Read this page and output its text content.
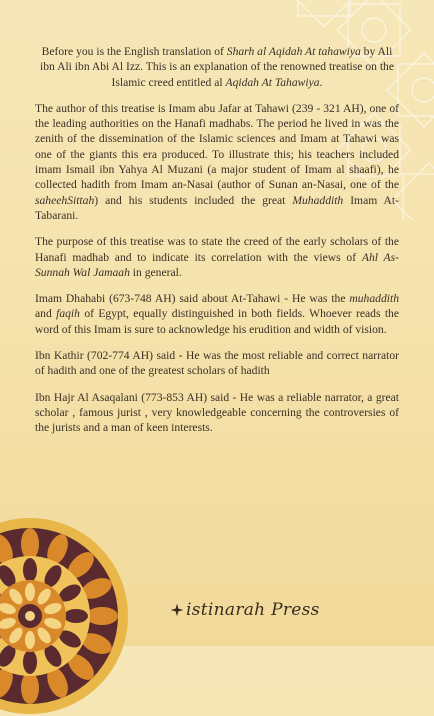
Before you is the English translation of Sharh al Aqidah At tahawiya by Ali ibn Ali ibn Abi Al Izz. This is an explanation of the renowned treatise on the Islamic creed entitled al Aqidah At Tahawiya.

The author of this treatise is Imam abu Jafar at Tahawi (239 - 321 AH), one of the leading authorities on the Hanafi madhabs. The period he lived in was the zenith of the dissemination of the Islamic sciences and Imam at Tahawi was one of the giants this era produced. To illustrate this; his teachers included imam Ismail ibn Yahya Al Muzani (a major student of Imam al shaafi), he collected hadith from Imam an-Nasai (author of Sunan an-Nasai, one of the saheehSittah) and his students included the great Muhaddith Imam At-Tabarani.

The purpose of this treatise was to state the creed of the early scholars of the Hanafi madhab and to indicate its correlation with the views of Ahl As-Sunnah Wal Jamaah in general.

Imam Dhahabi (673-748 AH) said about At-Tahawi - He was the muhaddith and faqih of Egypt, equally distinguished in both fields. Whoever reads the word of this Imam is sure to acknowledge his erudition and width of vision.

Ibn Kathir (702-774 AH) said - He was the most reliable and correct narrator of hadith and one of the greatest scholars of hadith

Ibn Hajr Al Asaqalani (773-853 AH) said - He was a reliable narrator, a great scholar , famous jurist , very knowledgeable concerning the controversies of the jurists and a man of keen interests.

istinarah Press
